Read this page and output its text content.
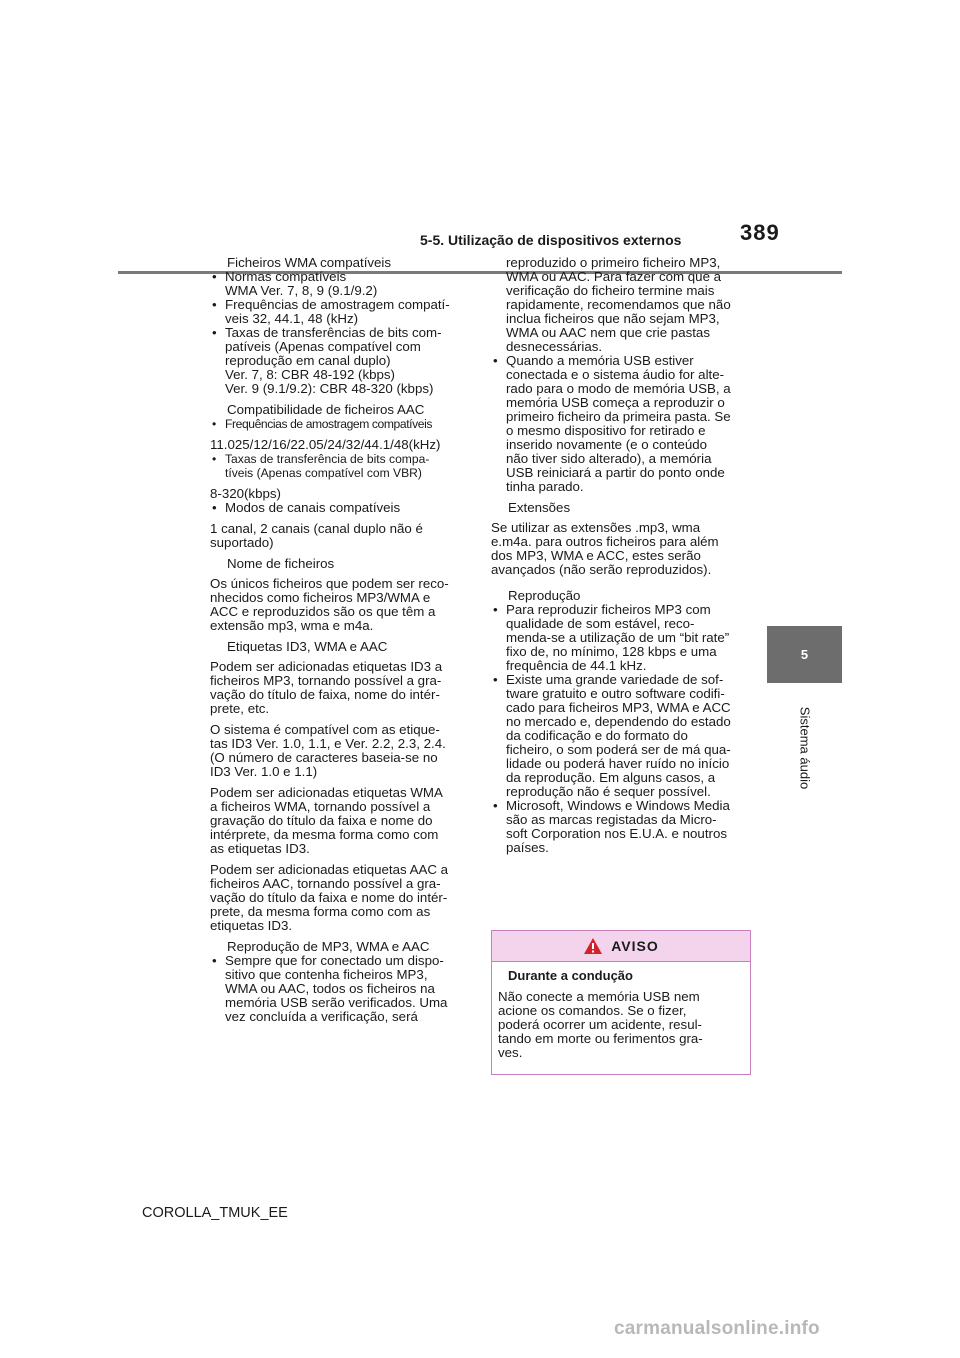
5-5. Utilização de dispositivos externos	389
5
Sistema áudio

Ficheiros WMA compatíveis

• Normas compatíveis
WMA Ver. 7, 8, 9 (9.1/9.2)
• Frequências de amostragem compatí-
veis 32, 44.1, 48 (kHz)
• Taxas de transferências de bits com-
patíveis (Apenas compatível com
reprodução em canal duplo)
Ver. 7, 8: CBR 48-192 (kbps)
Ver. 9 (9.1/9.2): CBR 48-320 (kbps)

Compatibilidade de ficheiros AAC

• Frequências de amostragem compatíveis

11.025/12/16/22.05/24/32/44.1/48(kHz)

• Taxas de transferência de bits compa-
tíveis (Apenas compatível com VBR)

8-320(kbps)

• Modos de canais compatíveis

1 canal, 2 canais (canal duplo não é
suportado)

Nome de ficheiros

Os únicos ficheiros que podem ser reco-
nhecidos como ficheiros MP3/WMA e
ACC e reproduzidos são os que têm a
extensão mp3, wma e m4a.

Etiquetas ID3, WMA e AAC

Podem ser adicionadas etiquetas ID3 a
ficheiros MP3, tornando possível a gra-
vação do título de faixa, nome do intér-
prete, etc.

O sistema é compatível com as etique-
tas ID3 Ver. 1.0, 1.1, e Ver. 2.2, 2.3, 2.4.
(O número de caracteres baseia-se no
ID3 Ver. 1.0 e 1.1)

Podem ser adicionadas etiquetas WMA
a ficheiros WMA, tornando possível a
gravação do título da faixa e nome do
intérprete, da mesma forma como com
as etiquetas ID3.

Podem ser adicionadas etiquetas AAC a
ficheiros AAC, tornando possível a gra-
vação do título da faixa e nome do intér-
prete, da mesma forma como com as
etiquetas ID3.

Reprodução de MP3, WMA e AAC

• Sempre que for conectado um dispo-
sitivo que contenha ficheiros MP3,
WMA ou AAC, todos os ficheiros na
memória USB serão verificados. Uma
vez concluída a verificação, será

reproduzido o primeiro ficheiro MP3,
WMA ou AAC. Para fazer com que a
verificação do ficheiro termine mais
rapidamente, recomendamos que não
inclua ficheiros que não sejam MP3,
WMA ou AAC nem que crie pastas
desnecessárias.

• Quando a memória USB estiver
conectada e o sistema áudio for alte-
rado para o modo de memória USB, a
memória USB começa a reproduzir o
primeiro ficheiro da primeira pasta. Se
o mesmo dispositivo for retirado e
inserido novamente (e o conteúdo
não tiver sido alterado), a memória
USB reiniciará a partir do ponto onde
tinha parado.

Extensões

Se utilizar as extensões .mp3, wma
e.m4a. para outros ficheiros para além
dos MP3, WMA e ACC, estes serão
avançados (não serão reproduzidos).

Reprodução

• Para reproduzir ficheiros MP3 com
qualidade de som estável, reco-
menda-se a utilização de um “bit rate”
fixo de, no mínimo, 128 kbps e uma
frequência de 44.1 kHz.
• Existe uma grande variedade de sof-
tware gratuito e outro software codifi-
cado para ficheiros MP3, WMA e ACC
no mercado e, dependendo do estado
da codificação e do formato do
ficheiro, o som poderá ser de má qua-
lidade ou poderá haver ruído no início
da reprodução. Em alguns casos, a
reprodução não é sequer possível.
• Microsoft, Windows e Windows Media
são as marcas registadas da Micro-
soft Corporation nos E.U.A. e noutros
países.
AVISO
Durante a condução
Não conecte a memória USB nem
acione os comandos. Se o fizer,
poderá ocorrer um acidente, resul-
tando em morte ou ferimentos gra-
ves.
COROLLA_TMUK_EE
carmanualsonline.info
